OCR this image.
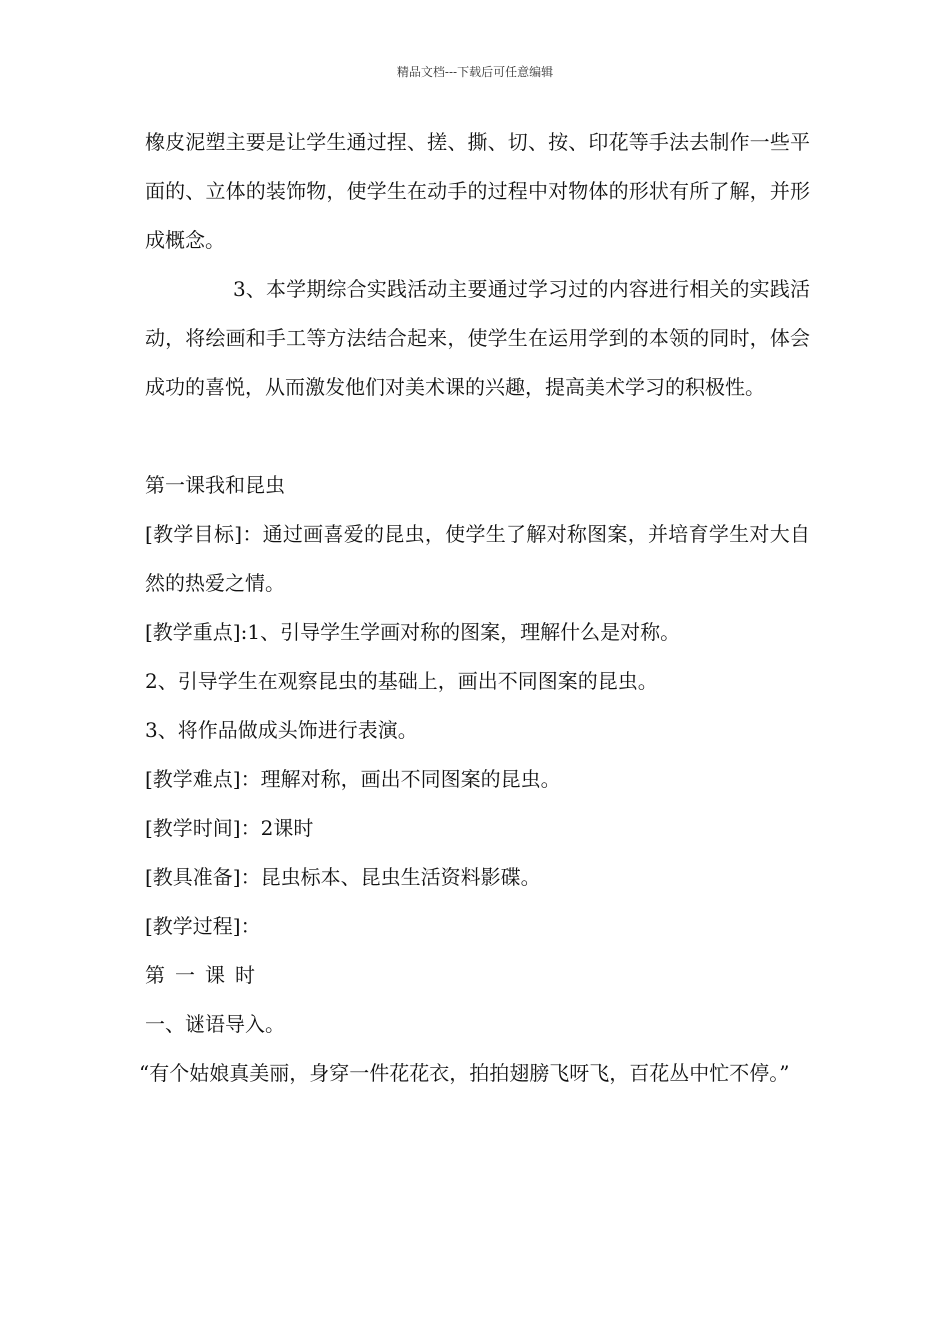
精品文档---下载后可任意编辑

橡皮泥塑主要是让学生通过捏、搓、撕、切、按、印花等手法去制作一些平面的、立体的装饰物，使学生在动手的过程中对物体的形状有所了解，并形成概念。

3、本学期综合实践活动主要通过学习过的内容进行相关的实践活动，将绘画和手工等方法结合起来，使学生在运用学到的本领的同时，体会成功的喜悦，从而激发他们对美术课的兴趣，提高美术学习的积极性。

第一课我和昆虫

[教学目标]：通过画喜爱的昆虫，使学生了解对称图案，并培育学生对大自然的热爱之情。

[教学重点]:1、引导学生学画对称的图案，理解什么是对称。

2、引导学生在观察昆虫的基础上，画出不同图案的昆虫。

3、将作品做成头饰进行表演。

[教学难点]：理解对称，画出不同图案的昆虫。

[教学时间]：2课时

[教具准备]：昆虫标本、昆虫生活资料影碟。

[教学过程]：

第一课时

一、谜语导入。

“有个姑娘真美丽，身穿一件花花衣，拍拍翅膀飞呀飞，百花丛中忙不停。”
